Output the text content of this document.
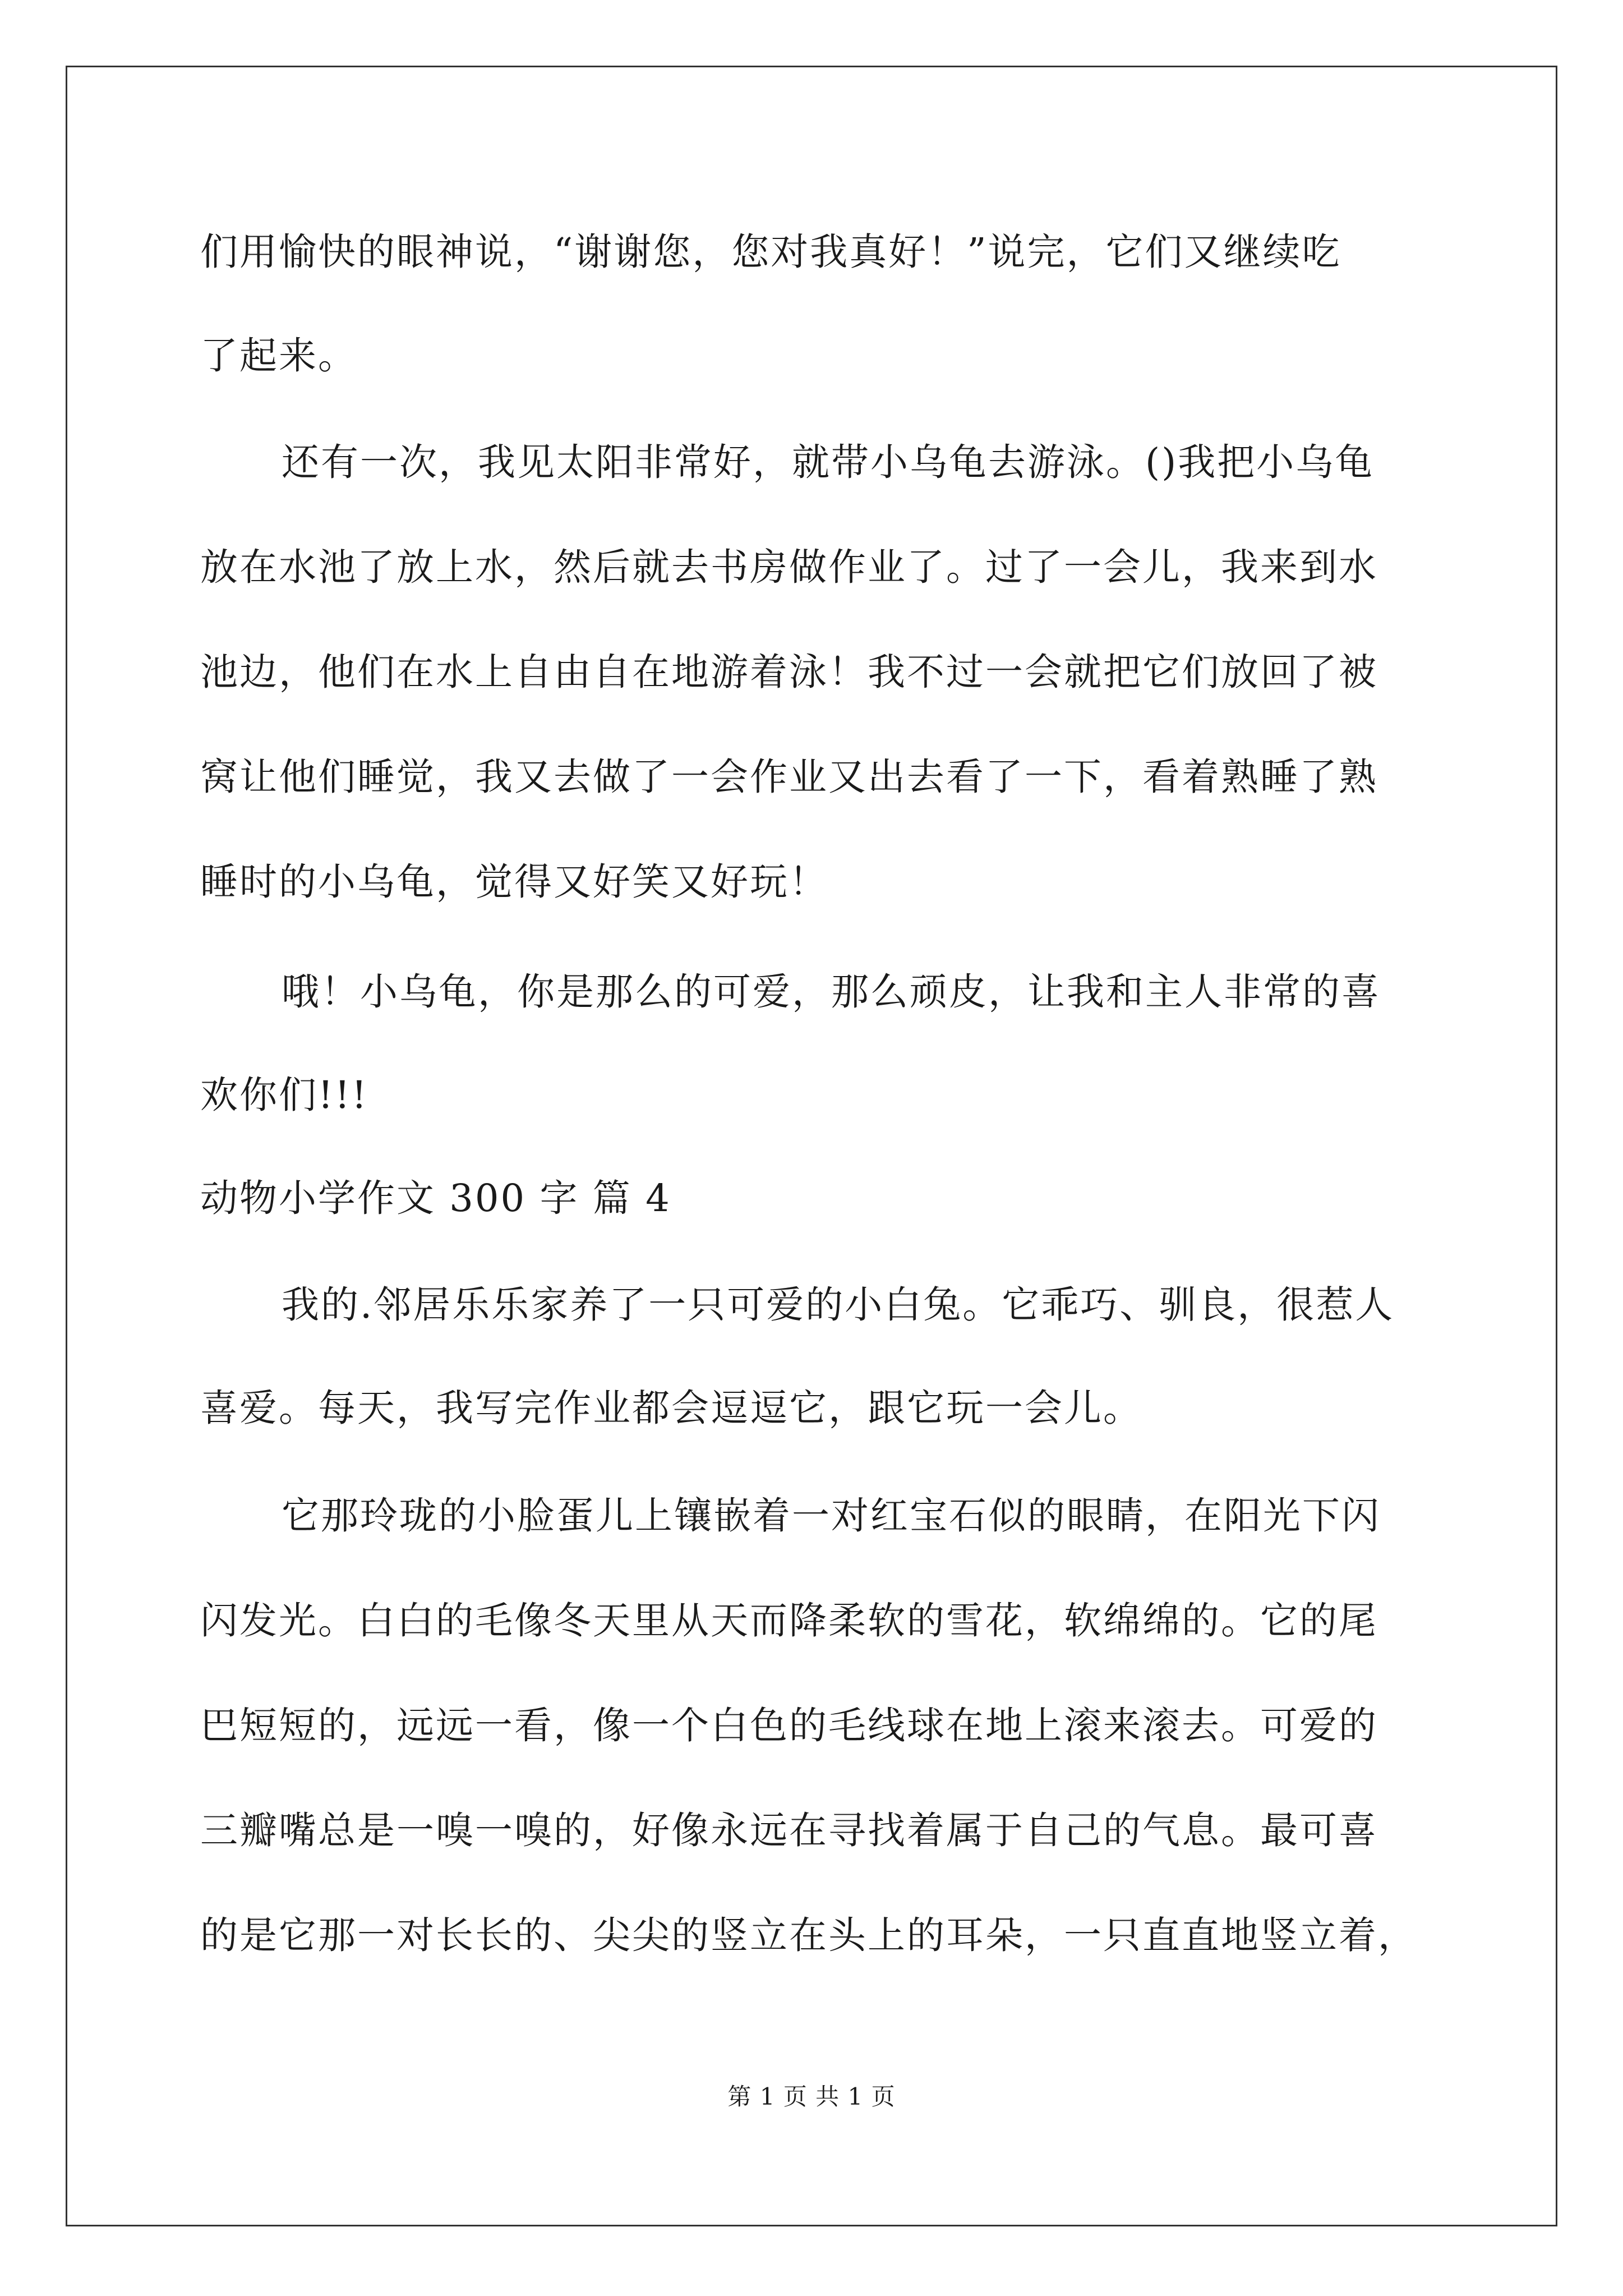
们用愉快的眼神说，“谢谢您，您对我真好！”说完，它们又继续吃
了起来。
还有一次，我见太阳非常好，就带小乌龟去游泳。()我把小乌龟
放在水池了放上水，然后就去书房做作业了。过了一会儿，我来到水
池边，他们在水上自由自在地游着泳！我不过一会就把它们放回了被
窝让他们睡觉，我又去做了一会作业又出去看了一下，看着熟睡了熟
睡时的小乌龟，觉得又好笑又好玩！
哦！小乌龟，你是那么的可爱，那么顽皮，让我和主人非常的喜
欢你们!!!
动物小学作文 300 字 篇 4
我的.邻居乐乐家养了一只可爱的小白兔。它乖巧、驯良，很惹人
喜爱。每天，我写完作业都会逗逗它，跟它玩一会儿。
它那玲珑的小脸蛋儿上镶嵌着一对红宝石似的眼睛，在阳光下闪
闪发光。白白的毛像冬天里从天而降柔软的雪花，软绵绵的。它的尾
巴短短的，远远一看，像一个白色的毛线球在地上滚来滚去。可爱的
三瓣嘴总是一嗅一嗅的，好像永远在寻找着属于自己的气息。最可喜
的是它那一对长长的、尖尖的竖立在头上的耳朵，一只直直地竖立着，
第 1 页 共 1 页
